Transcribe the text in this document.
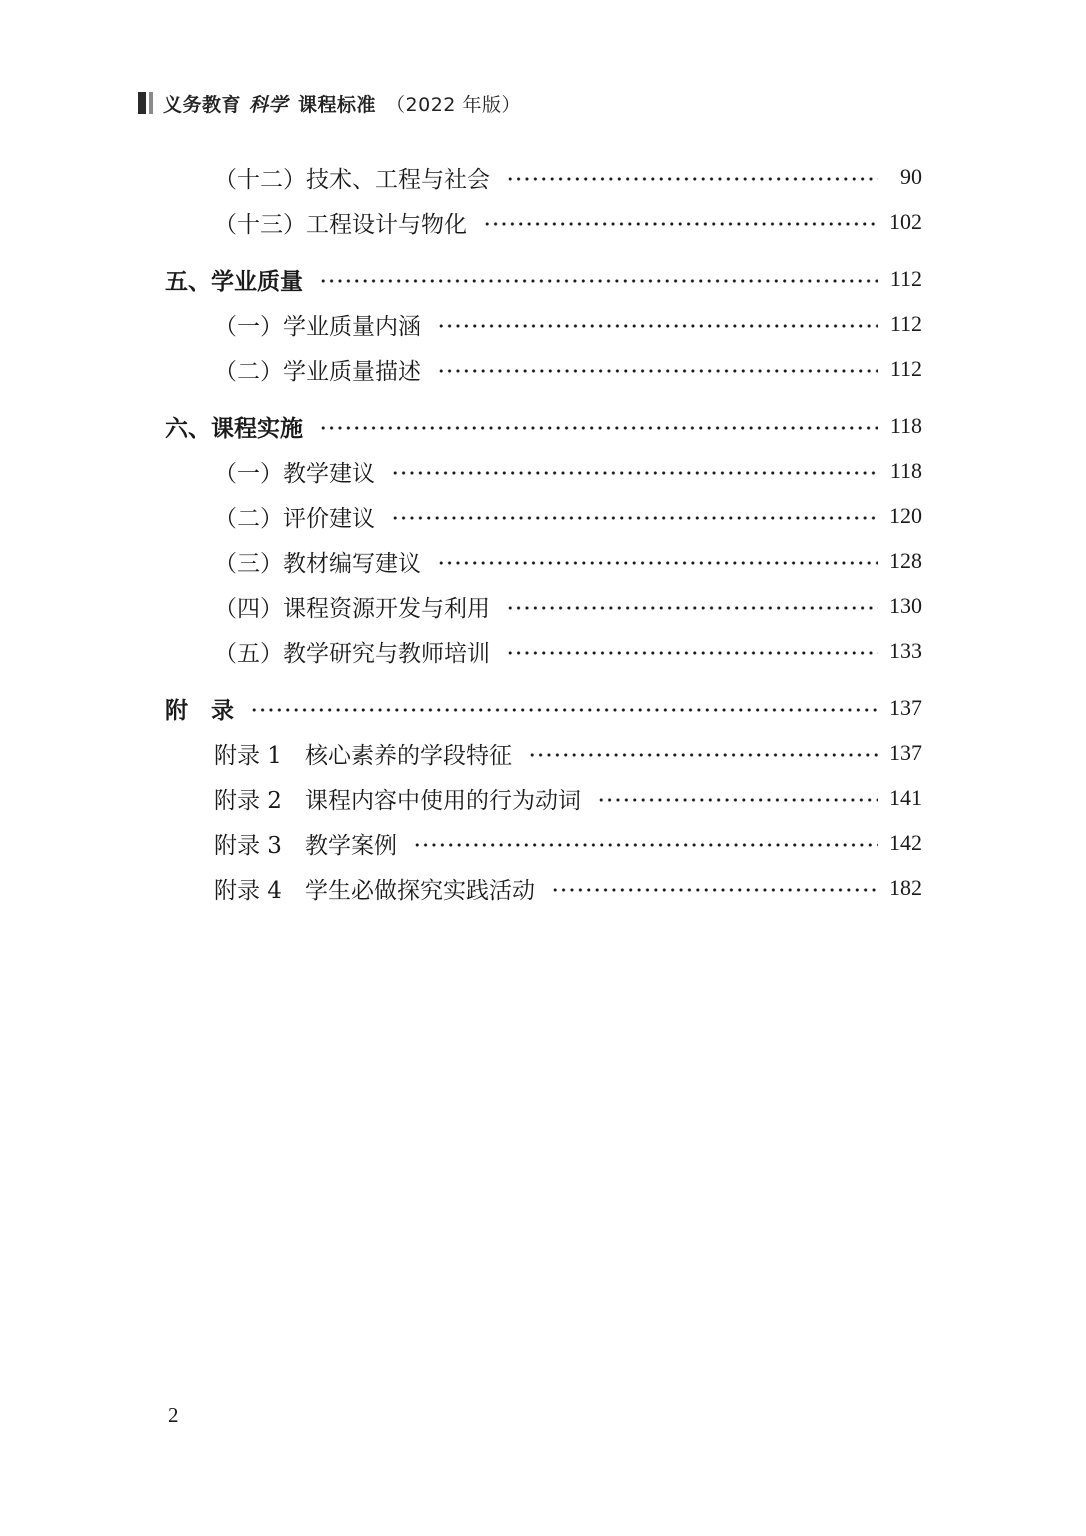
义务教育 科学 课程标准 （2022 年版）
（十二）技术、工程与社会	90
（十三）工程设计与物化	102
五、学业质量	112
（一）学业质量内涵	112
（二）学业质量描述	112
六、课程实施	118
（一）教学建议	118
（二）评价建议	120
（三）教材编写建议	128
（四）课程资源开发与利用	130
（五）教学研究与教师培训	133
附　录	137
附录 1　核心素养的学段特征	137
附录 2　课程内容中使用的行为动词	141
附录 3　教学案例	142
附录 4　学生必做探究实践活动	182
2
